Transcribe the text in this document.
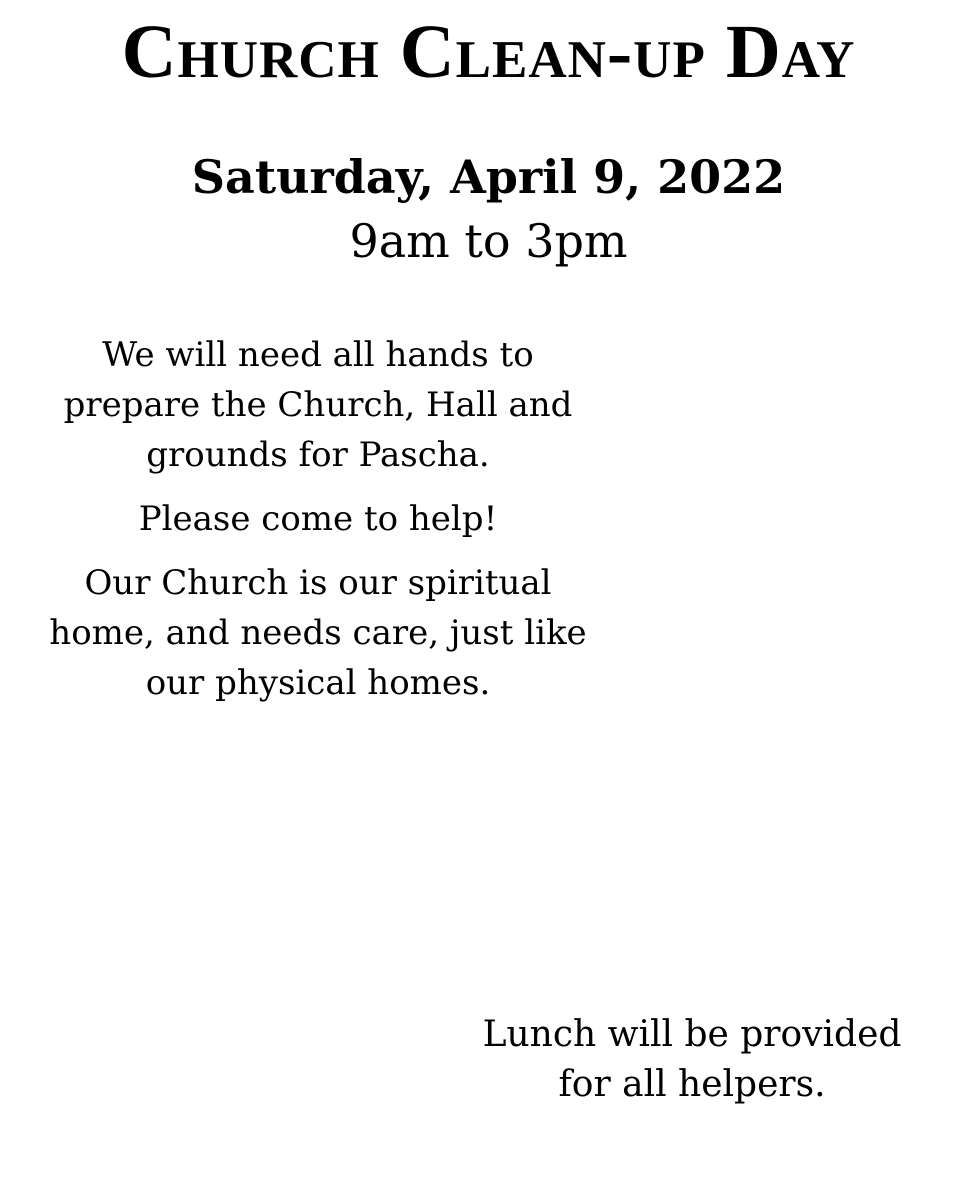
Church Clean-up Day
Saturday, April 9, 2022
9am to 3pm

We will need all hands to
prepare the Church, Hall and
grounds for Pascha.

Please come to help!

Our Church is our spiritual
home, and needs care, just like
our physical homes.

Lunch will be provided
for all helpers.
